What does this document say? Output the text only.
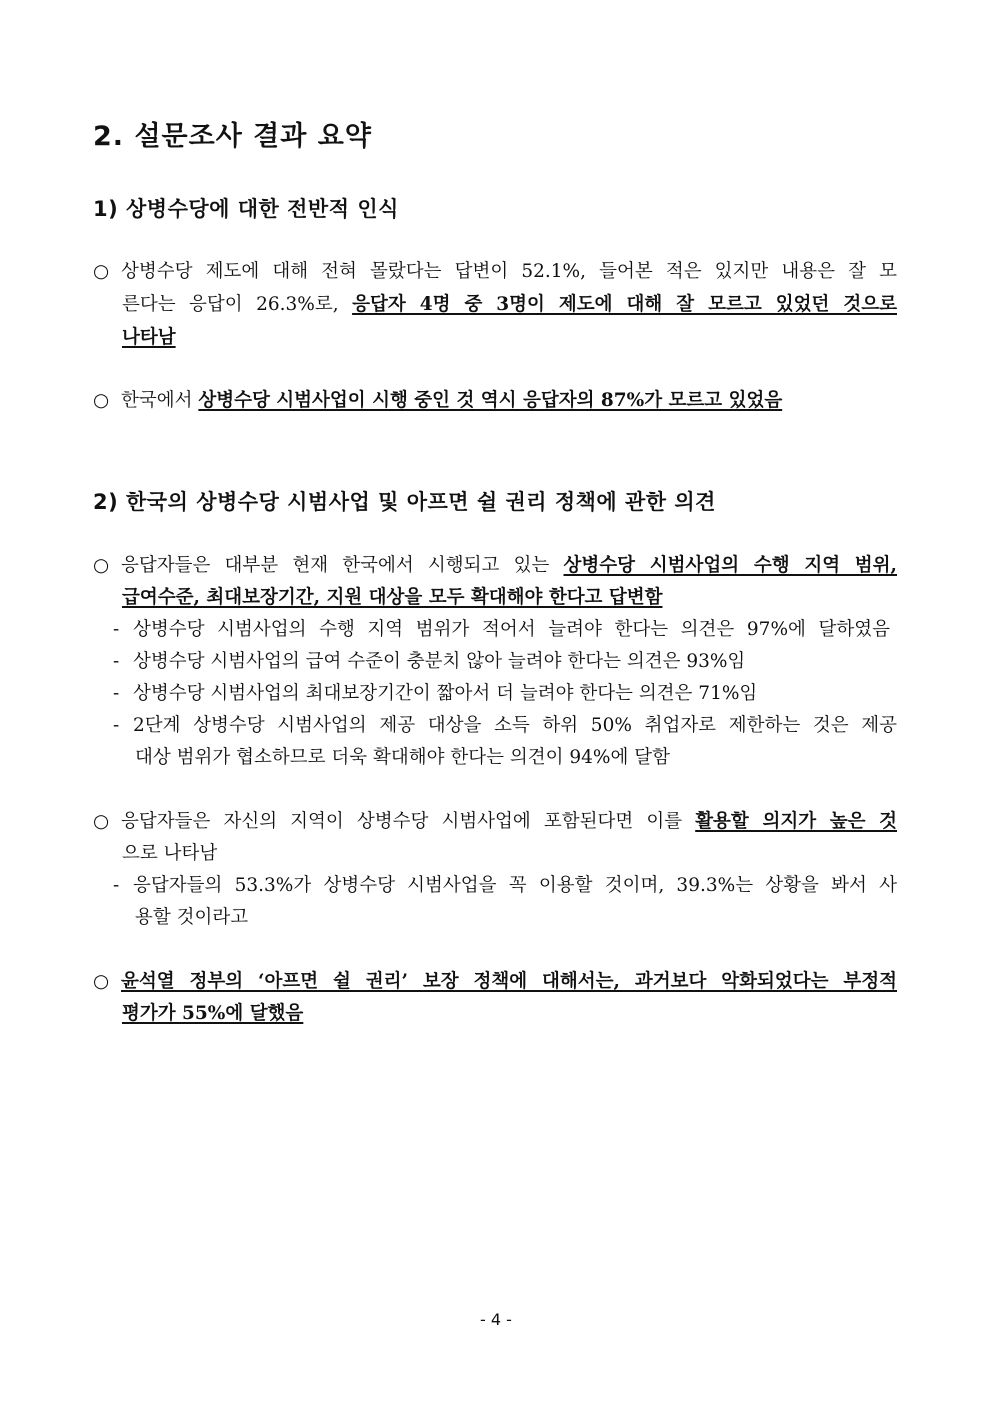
2. 설문조사 결과 요약
1) 상병수당에 대한 전반적 인식
○ 상병수당 제도에 대해 전혀 몰랐다는 답변이 52.1%, 들어본 적은 있지만 내용은 잘 모
른다는 응답이 26.3%로, 응답자 4명 중 3명이 제도에 대해 잘 모르고 있었던 것으로
나타남
○ 한국에서 상병수당 시범사업이 시행 중인 것 역시 응답자의 87%가 모르고 있었음
2) 한국의 상병수당 시범사업 및 아프면 쉴 권리 정책에 관한 의견
○ 응답자들은 대부분 현재 한국에서 시행되고 있는 상병수당 시범사업의 수행 지역 범위,
급여수준, 최대보장기간, 지원 대상을 모두 확대해야 한다고 답변함
- 상병수당 시범사업의 수행 지역 범위가 적어서 늘려야 한다는 의견은 97%에 달하였음
- 상병수당 시범사업의 급여 수준이 충분치 않아 늘려야 한다는 의견은 93%임
- 상병수당 시범사업의 최대보장기간이 짧아서 더 늘려야 한다는 의견은 71%임
- 2단계 상병수당 시범사업의 제공 대상을 소득 하위 50% 취업자로 제한하는 것은 제공
대상 범위가 협소하므로 더욱 확대해야 한다는 의견이 94%에 달함
○ 응답자들은 자신의 지역이 상병수당 시범사업에 포함된다면 이를 활용할 의지가 높은 것
으로 나타남
- 응답자들의 53.3%가 상병수당 시범사업을 꼭 이용할 것이며, 39.3%는 상황을 봐서 사
용할 것이라고
○ 윤석열 정부의 ‘아프면 쉴 권리’ 보장 정책에 대해서는, 과거보다 악화되었다는 부정적
평가가 55%에 달했음
- 4 -
